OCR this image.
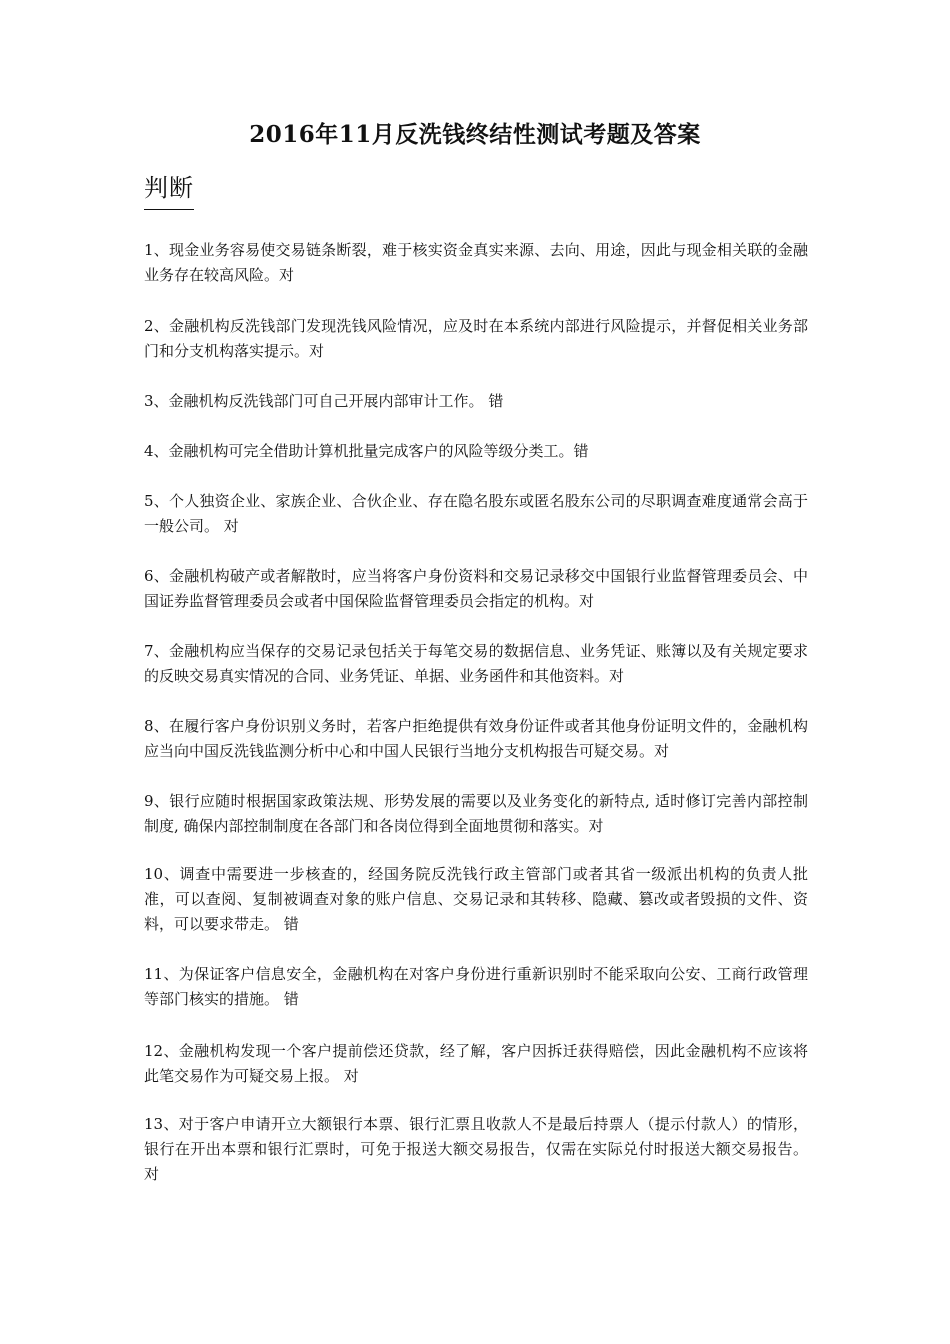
2016年11月反洗钱终结性测试考题及答案
判断

1、现金业务容易使交易链条断裂，难于核实资金真实来源、去向、用途，因此与现金相关联的金融业务存在较高风险。对

2、金融机构反洗钱部门发现洗钱风险情况，应及时在本系统内部进行风险提示，并督促相关业务部门和分支机构落实提示。对

3、金融机构反洗钱部门可自己开展内部审计工作。 错

4、金融机构可完全借助计算机批量完成客户的风险等级分类工。错

5、个人独资企业、家族企业、合伙企业、存在隐名股东或匿名股东公司的尽职调查难度通常会高于一般公司。 对

6、金融机构破产或者解散时，应当将客户身份资料和交易记录移交中国银行业监督管理委员会、中国证券监督管理委员会或者中国保险监督管理委员会指定的机构。对

7、金融机构应当保存的交易记录包括关于每笔交易的数据信息、业务凭证、账簿以及有关规定要求的反映交易真实情况的合同、业务凭证、单据、业务函件和其他资料。对

8、在履行客户身份识别义务时，若客户拒绝提供有效身份证件或者其他身份证明文件的，金融机构应当向中国反洗钱监测分析中心和中国人民银行当地分支机构报告可疑交易。对

9、银行应随时根据国家政策法规、形势发展的需要以及业务变化的新特点, 适时修订完善内部控制制度, 确保内部控制制度在各部门和各岗位得到全面地贯彻和落实。对

10、调查中需要进一步核查的，经国务院反洗钱行政主管部门或者其省一级派出机构的负责人批准，可以查阅、复制被调查对象的账户信息、交易记录和其转移、隐藏、篡改或者毁损的文件、资料，可以要求带走。 错

11、为保证客户信息安全，金融机构在对客户身份进行重新识别时不能采取向公安、工商行政管理等部门核实的措施。 错

12、金融机构发现一个客户提前偿还贷款，经了解，客户因拆迁获得赔偿，因此金融机构不应该将此笔交易作为可疑交易上报。 对

13、对于客户申请开立大额银行本票、银行汇票且收款人不是最后持票人（提示付款人）的情形，银行在开出本票和银行汇票时，可免于报送大额交易报告，仅需在实际兑付时报送大额交易报告。 对
